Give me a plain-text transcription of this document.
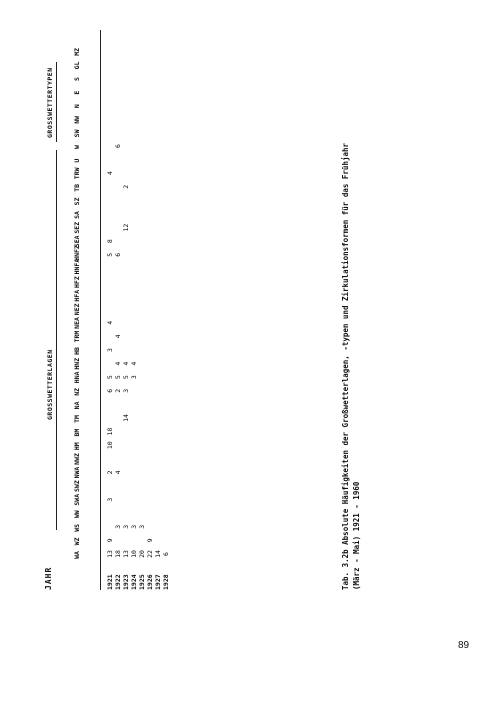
JAHR
GROSSWETTERLAGEN
GROSSWETTERTYPEN
WA
WZ
WS
WW
SWA
SWZ
NWA
NWZ
HM
BM
TM
NA
NZ
HNA
HNZ
HB
TRM
NEA
NEZ
HFA
HFZ
HNFA
HNFZ
SEA
SEZ
SA
SZ
TB
TRW
U
W
SW
NW
N
E
S
GL
MZ
1921
13
9
3
2
10
18
6
5
3
4
5
8
4
1922
18
3
4
2
5
4
4
6
6
1923
13
3
14
3
5
4
12
2
1924
10
3
3
4
1925
20
3
1926
22
9
1927
14
1928
6	Tab. 3.2b Absolute Häufigkeiten der Großwetterlagen, -typen und Zirkulationsformen für das Frühjahr (März - Mai) 1921 - 1960
89
